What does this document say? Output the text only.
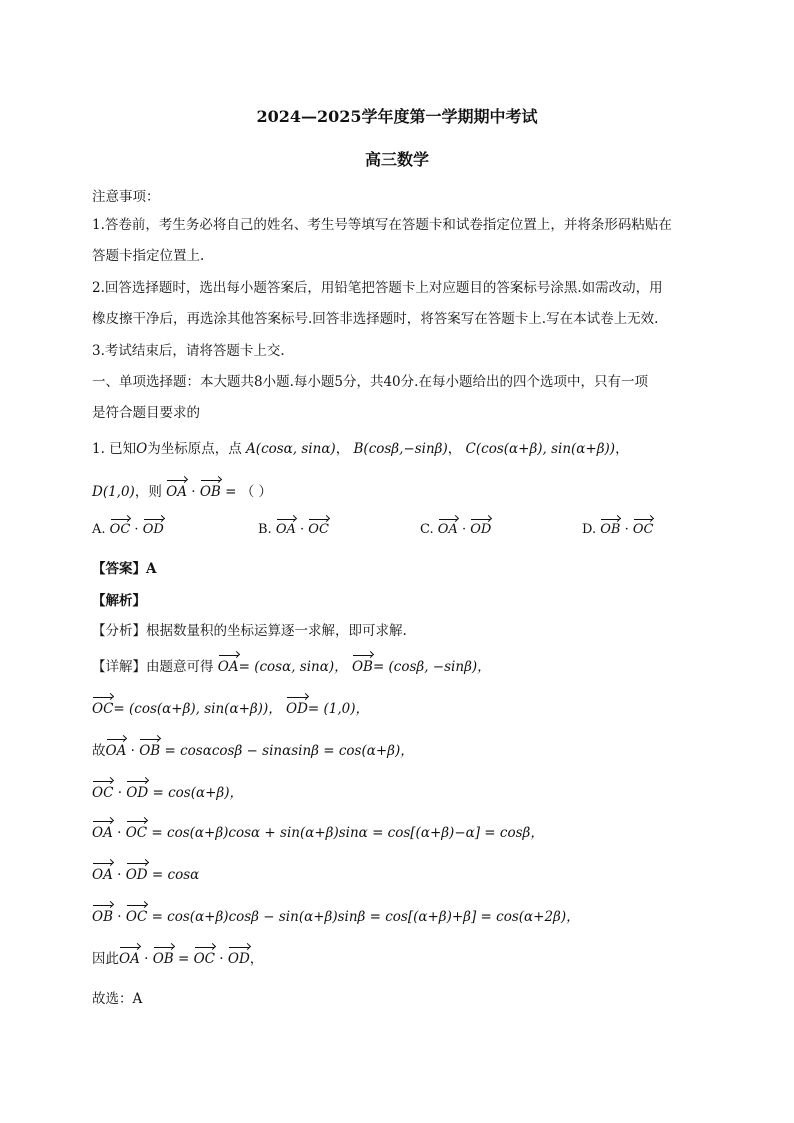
2024—2025学年度第一学期期中考试
高三数学
注意事项：
1.答卷前，考生务必将自己的姓名、考生号等填写在答题卡和试卷指定位置上，并将条形码粘贴在
答题卡指定位置上.
2.回答选择题时，选出每小题答案后，用铅笔把答题卡上对应题目的答案标号涂黑.如需改动，用
橡皮擦干净后，再选涂其他答案标号.回答非选择题时，将答案写在答题卡上.写在本试卷上无效.
3.考试结束后，请将答题卡上交.
一、单项选择题：本大题共8小题.每小题5分，共40分.在每小题给出的四个选项中，只有一项
是符合题目要求的
1. 已知O为坐标原点，点 A(cosα, sinα)， B(cosβ,−sinβ)， C(cos(α+β), sin(α+β))，
D(1,0)，则 OA · OB = （ ）
A. OC · OD	B. OA · OC	C. OA · OD	D. OB · OC
【答案】A
【解析】
【分析】根据数量积的坐标运算逐一求解，即可求解.
【详解】由题意可得 OA= (cosα, sinα)， OB= (cosβ, −sinβ)，
OC= (cos(α+β), sin(α+β))， OD= (1,0)，
故OA · OB = cosαcosβ − sinαsinβ = cos(α+β)，
OC · OD = cos(α+β)，
OA · OC = cos(α+β)cosα + sin(α+β)sinα = cos[(α+β)−α] = cosβ，
OA · OD = cosα
OB · OC = cos(α+β)cosβ − sin(α+β)sinβ = cos[(α+β)+β] = cos(α+2β)，
因此OA · OB = OC · OD，
故选：A
